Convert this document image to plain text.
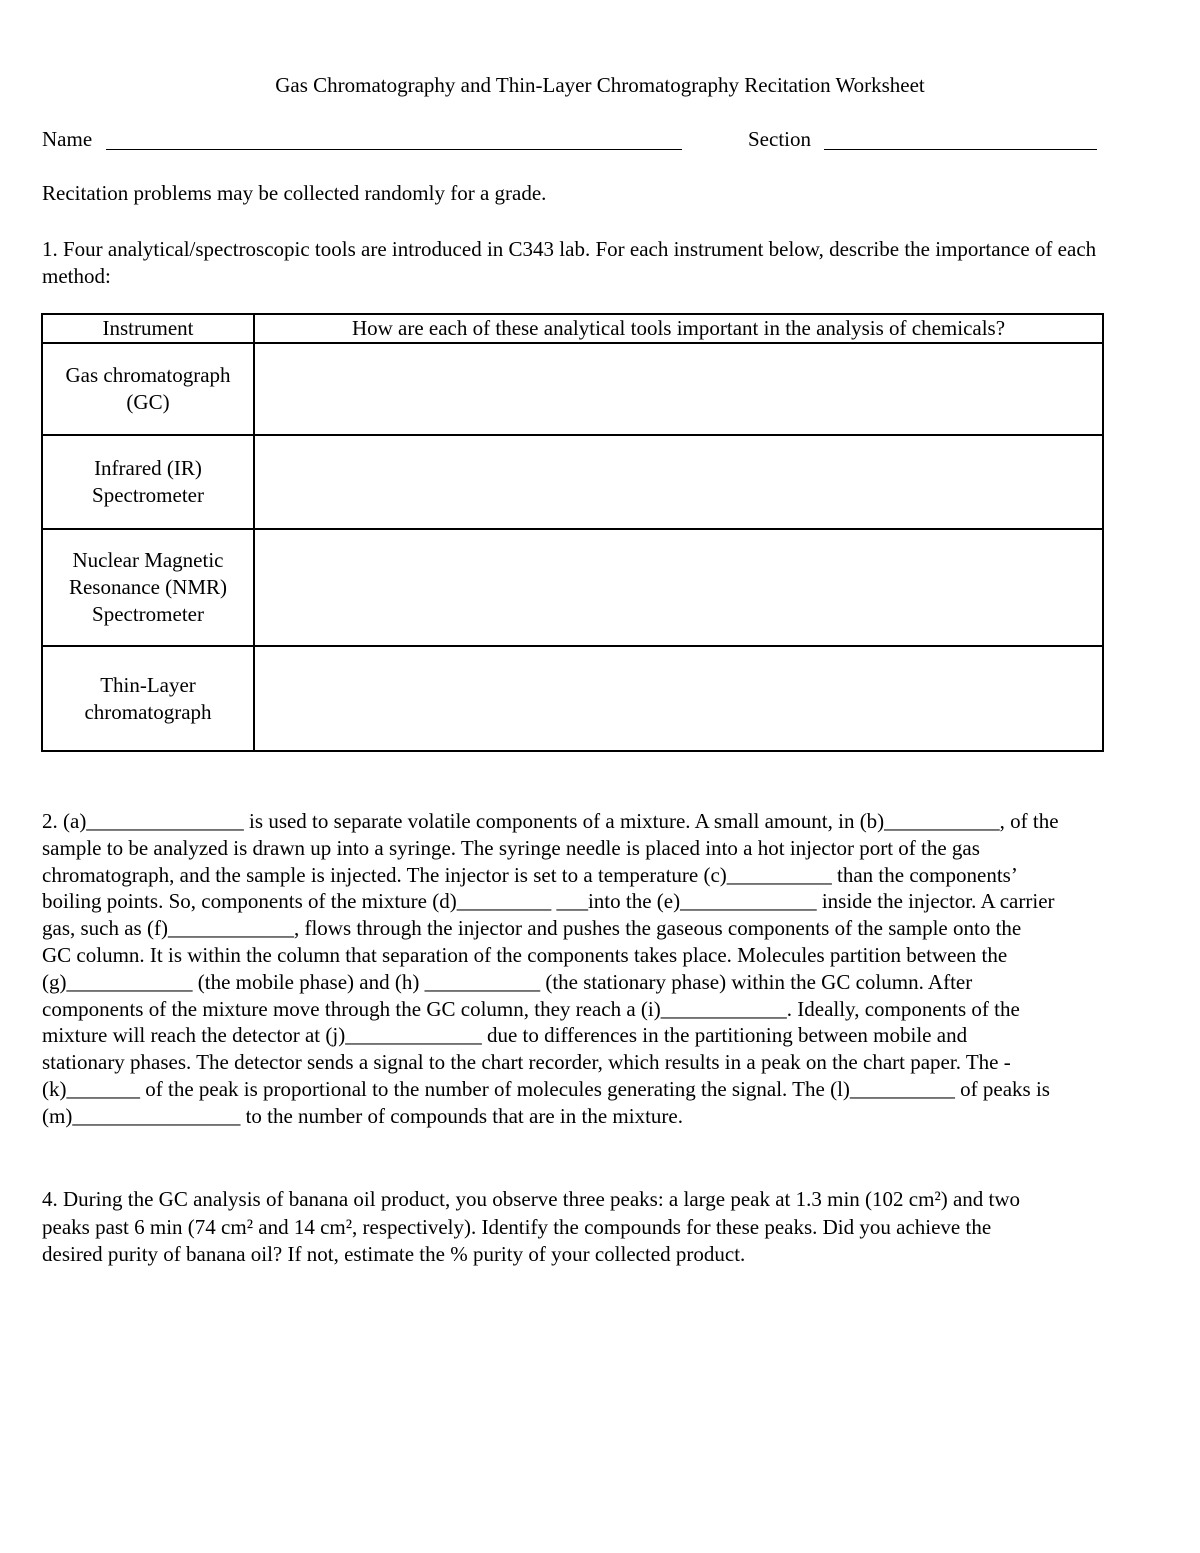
Gas Chromatography and Thin-Layer Chromatography Recitation Worksheet
Name	Section
Recitation problems may be collected randomly for a grade.
1. Four analytical/spectroscopic tools are introduced in C343 lab. For each instrument below, describe the importance of each method:
Instrument	How are each of these analytical tools important in the analysis of chemicals?

Gas chromatograph
(GC)	

Infrared (IR)
Spectrometer	

Nuclear Magnetic
Resonance (NMR)
Spectrometer	

Thin-Layer
chromatograph	

2. (a)_______________ is used to separate volatile components of a mixture. A small amount, in (b)___________, of the
sample to be analyzed is drawn up into a syringe. The syringe needle is placed into a hot injector port of the gas
chromatograph, and the sample is injected. The injector is set to a temperature (c)__________ than the components’
boiling points. So, components of the mixture (d)_________ ___into the (e)_____________ inside the injector. A carrier
gas, such as (f)____________, flows through the injector and pushes the gaseous components of the sample onto the
GC column. It is within the column that separation of the components takes place. Molecules partition between the
(g)____________ (the mobile phase) and (h) ___________ (the stationary phase) within the GC column. After
components of the mixture move through the GC column, they reach a (i)____________. Ideally, components of the
mixture will reach the detector at (j)_____________ due to differences in the partitioning between mobile and
stationary phases. The detector sends a signal to the chart recorder, which results in a peak on the chart paper. The -
(k)_______ of the peak is proportional to the number of molecules generating the signal. The (l)__________ of peaks is
(m)________________ to the number of compounds that are in the mixture.
4. During the GC analysis of banana oil product, you observe three peaks: a large peak at 1.3 min (102 cm²) and two
peaks past 6 min (74 cm² and 14 cm², respectively). Identify the compounds for these peaks. Did you achieve the
desired purity of banana oil? If not, estimate the % purity of your collected product.
